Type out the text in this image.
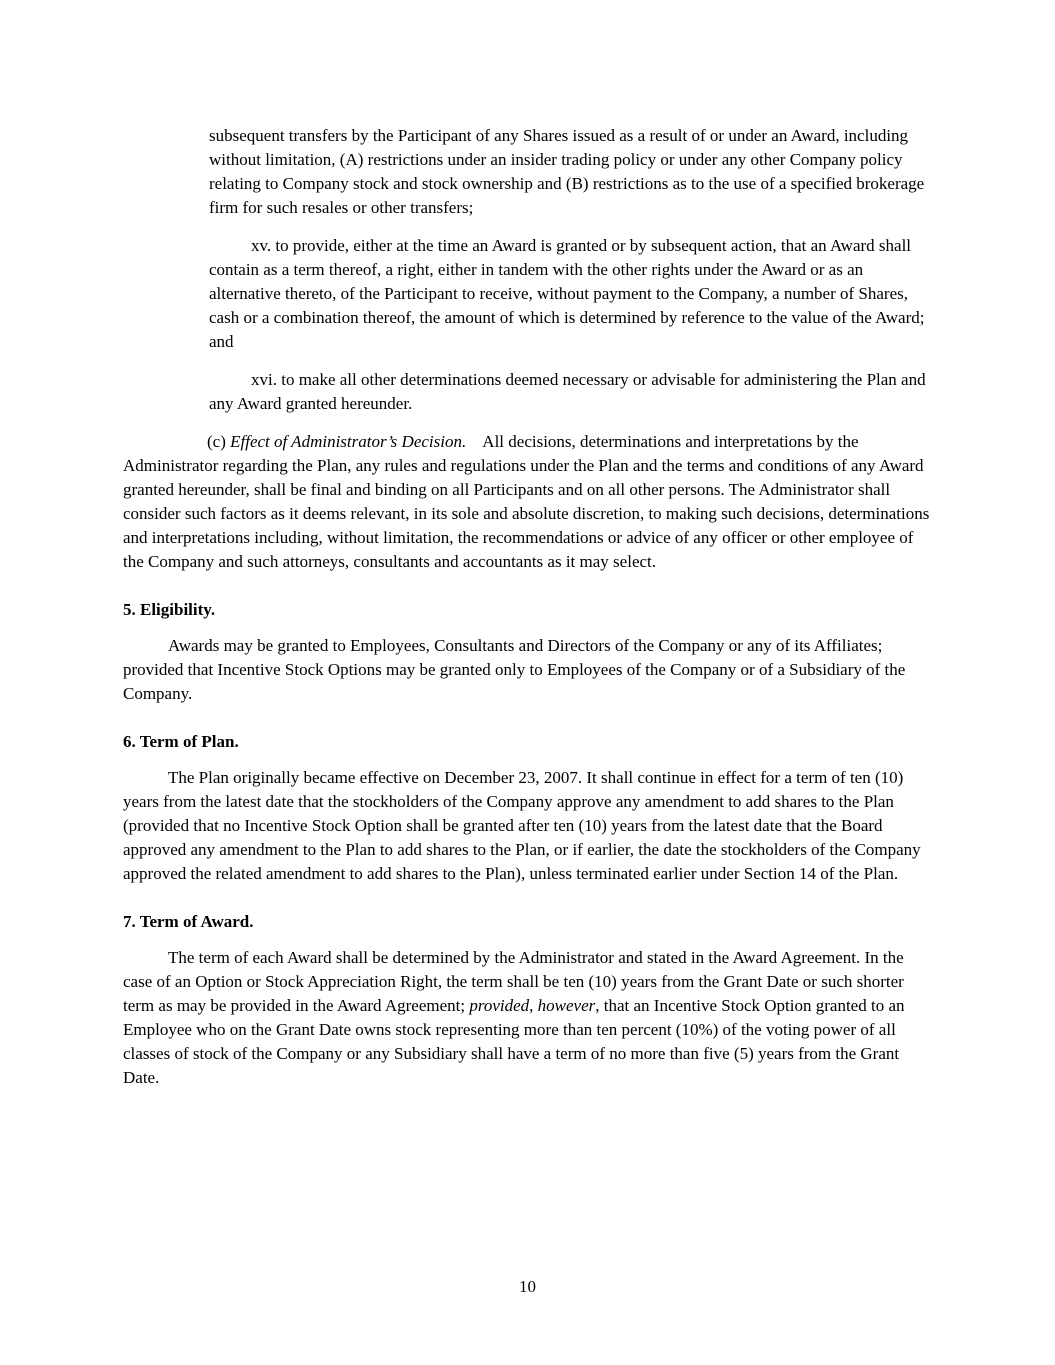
subsequent transfers by the Participant of any Shares issued as a result of or under an Award, including without limitation, (A) restrictions under an insider trading policy or under any other Company policy relating to Company stock and stock ownership and (B) restrictions as to the use of a specified brokerage firm for such resales or other transfers;

xv. to provide, either at the time an Award is granted or by subsequent action, that an Award shall contain as a term thereof, a right, either in tandem with the other rights under the Award or as an alternative thereto, of the Participant to receive, without payment to the Company, a number of Shares, cash or a combination thereof, the amount of which is determined by reference to the value of the Award; and

xvi. to make all other determinations deemed necessary or advisable for administering the Plan and any Award granted hereunder.

(c) Effect of Administrator’s Decision.    All decisions, determinations and interpretations by the Administrator regarding the Plan, any rules and regulations under the Plan and the terms and conditions of any Award granted hereunder, shall be final and binding on all Participants and on all other persons. The Administrator shall consider such factors as it deems relevant, in its sole and absolute discretion, to making such decisions, determinations and interpretations including, without limitation, the recommendations or advice of any officer or other employee of the Company and such attorneys, consultants and accountants as it may select.

5. Eligibility.

Awards may be granted to Employees, Consultants and Directors of the Company or any of its Affiliates; provided that Incentive Stock Options may be granted only to Employees of the Company or of a Subsidiary of the Company.

6. Term of Plan.

The Plan originally became effective on December 23, 2007. It shall continue in effect for a term of ten (10) years from the latest date that the stockholders of the Company approve any amendment to add shares to the Plan (provided that no Incentive Stock Option shall be granted after ten (10) years from the latest date that the Board approved any amendment to the Plan to add shares to the Plan, or if earlier, the date the stockholders of the Company approved the related amendment to add shares to the Plan), unless terminated earlier under Section 14 of the Plan.

7. Term of Award.

The term of each Award shall be determined by the Administrator and stated in the Award Agreement. In the case of an Option or Stock Appreciation Right, the term shall be ten (10) years from the Grant Date or such shorter term as may be provided in the Award Agreement; provided, however, that an Incentive Stock Option granted to an Employee who on the Grant Date owns stock representing more than ten percent (10%) of the voting power of all classes of stock of the Company or any Subsidiary shall have a term of no more than five (5) years from the Grant Date.

10
